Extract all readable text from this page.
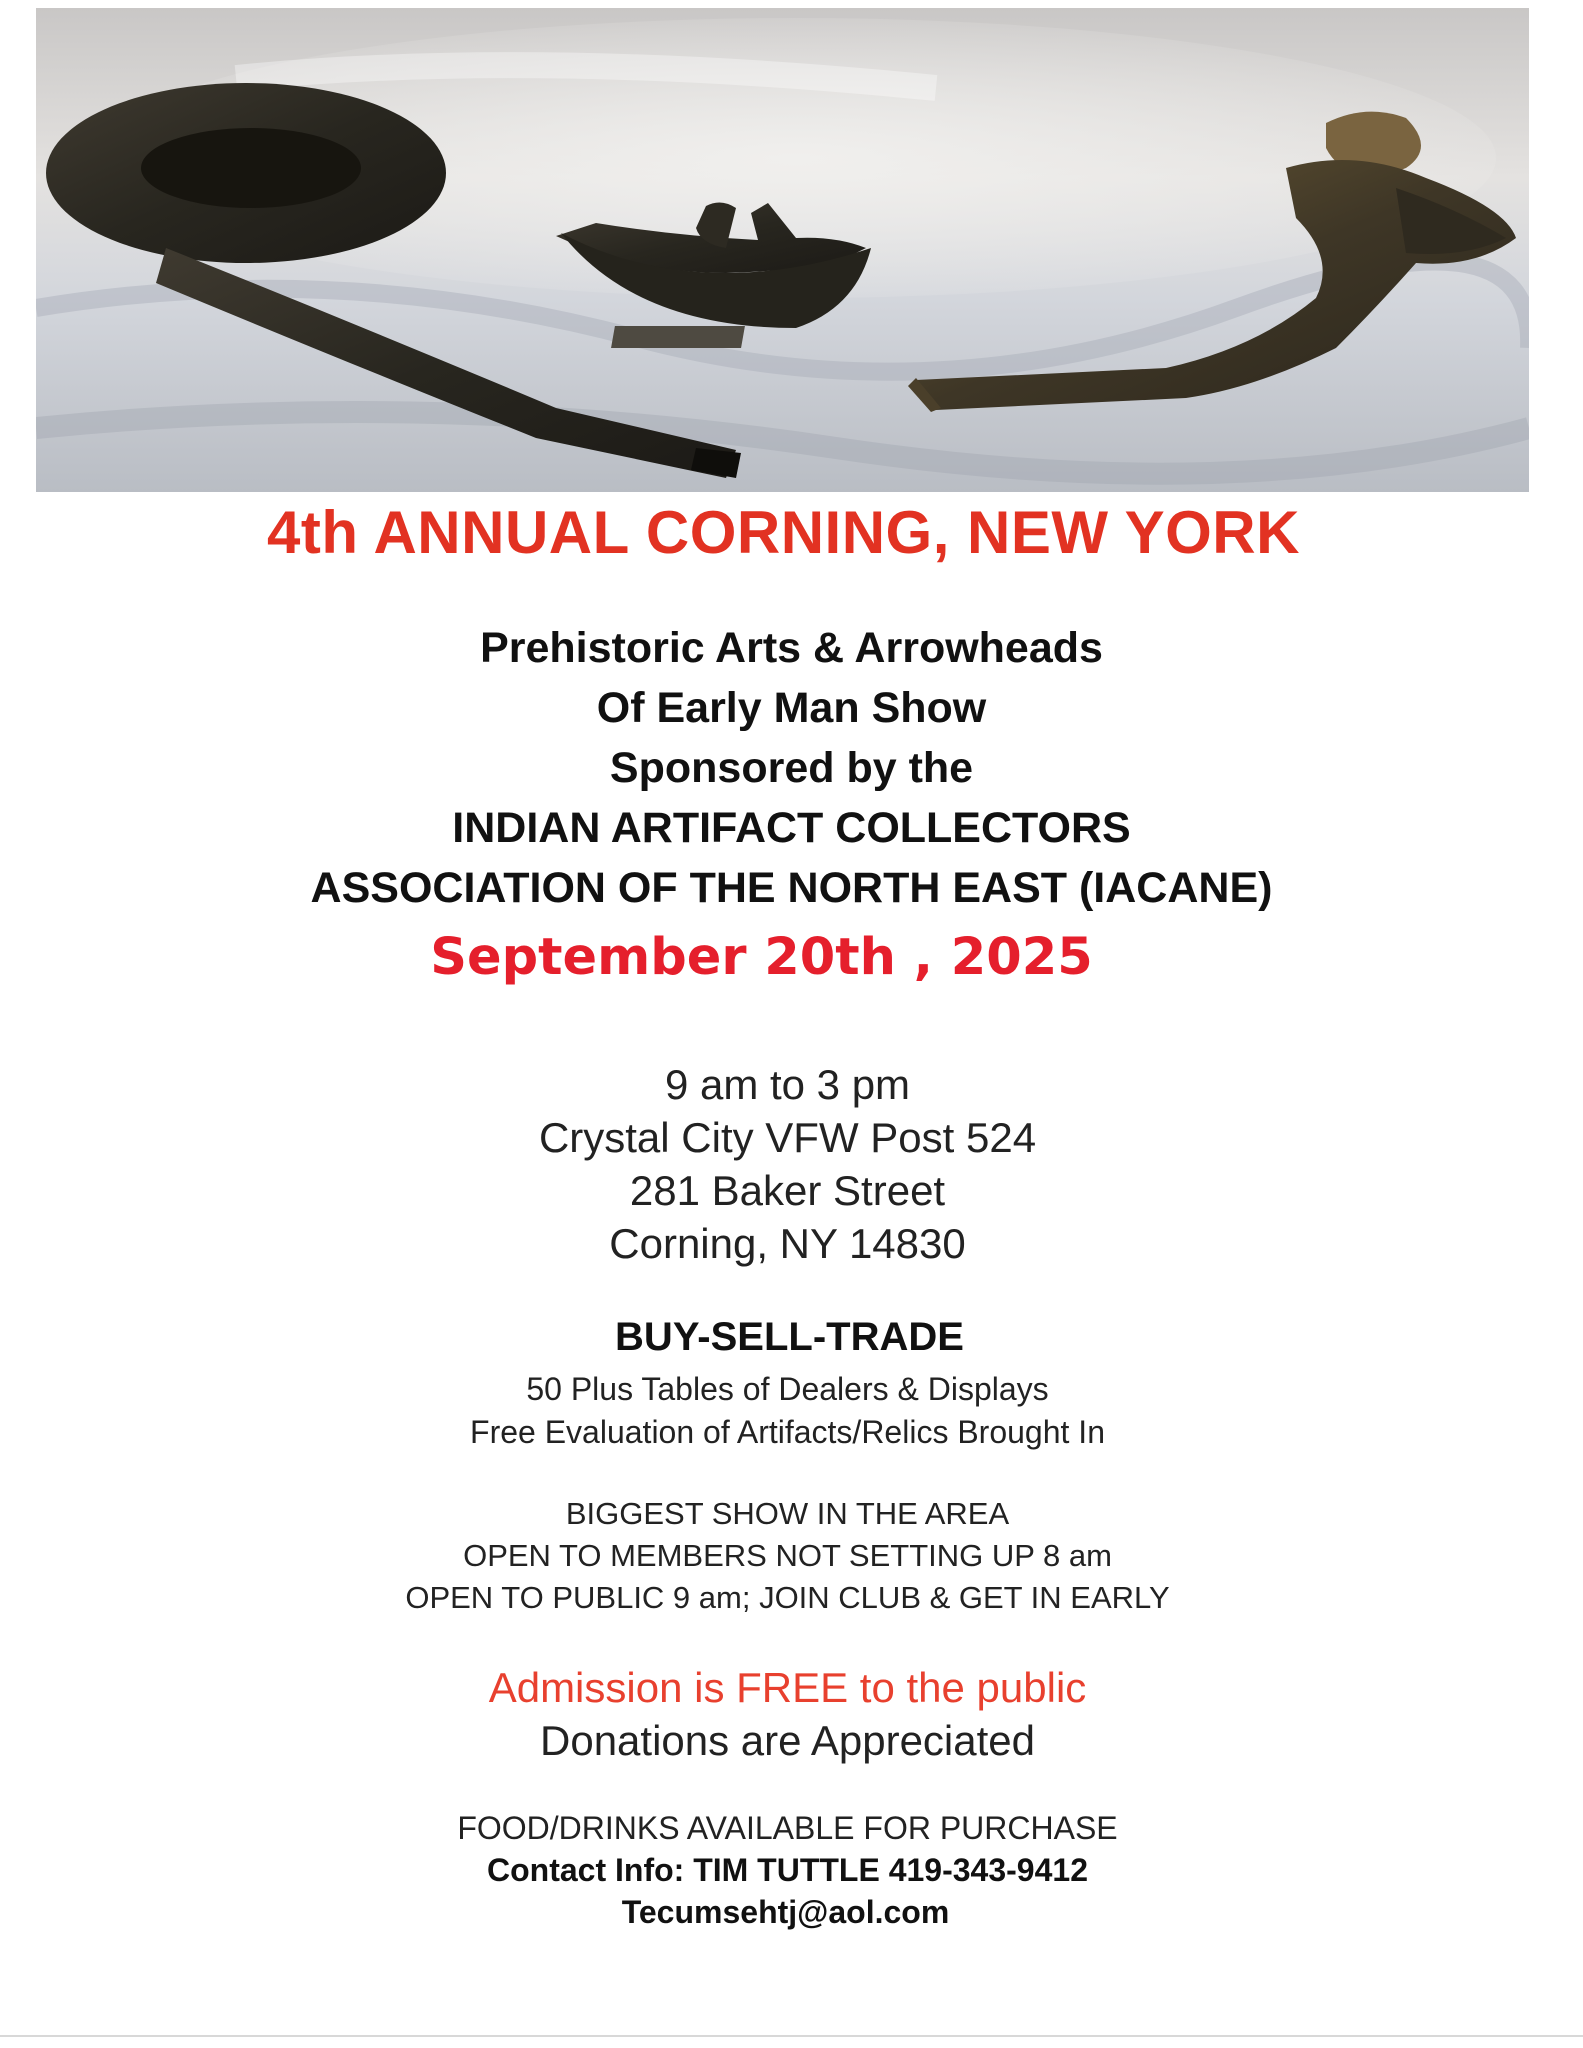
4th ANNUAL CORNING, NEW YORK
Prehistoric Arts & Arrowheads
Of Early Man Show
Sponsored by the
INDIAN ARTIFACT COLLECTORS
ASSOCIATION OF THE NORTH EAST (IACANE)
September 20th , 2025
9 am to 3 pm
Crystal City VFW Post 524
281 Baker Street
Corning, NY 14830
BUY-SELL-TRADE
50 Plus Tables of Dealers & Displays
Free Evaluation of Artifacts/Relics Brought In
BIGGEST SHOW IN THE AREA
OPEN TO MEMBERS NOT SETTING UP 8 am
OPEN TO PUBLIC 9 am; JOIN CLUB & GET IN EARLY
Admission is FREE to the public
Donations are Appreciated
FOOD/DRINKS AVAILABLE FOR PURCHASE
Contact Info: TIM TUTTLE 419-343-9412
Tecumsehtj@aol.com
